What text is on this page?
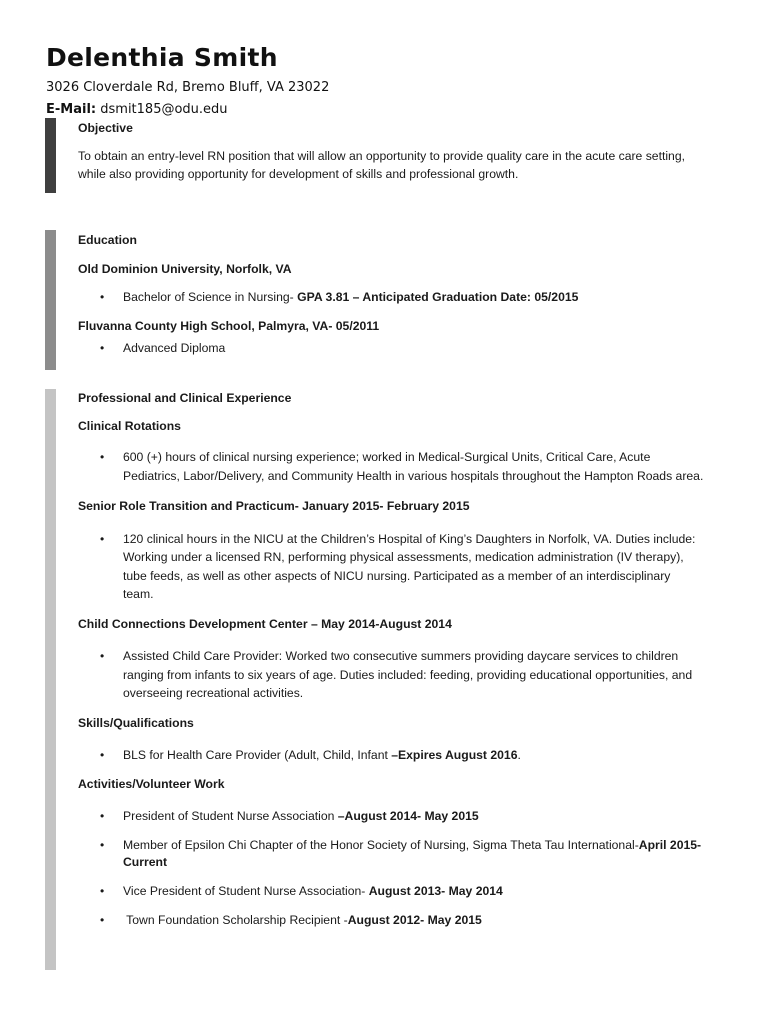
Delenthia Smith
3026 Cloverdale Rd, Bremo Bluff, VA 23022
E-Mail: dsmit185@odu.edu
Objective
To obtain an entry-level RN position that will allow an opportunity to provide quality care in the acute care setting,
while also providing opportunity for development of skills and professional growth.
Education
Old Dominion University, Norfolk, VA
• Bachelor of Science in Nursing- GPA 3.81 – Anticipated Graduation Date: 05/2015
Fluvanna County High School, Palmyra, VA- 05/2011
• Advanced Diploma
Professional and Clinical Experience
Clinical Rotations
• 600 (+) hours of clinical nursing experience; worked in Medical-Surgical Units, Critical Care, Acute
Pediatrics, Labor/Delivery, and Community Health in various hospitals throughout the Hampton Roads area.
Senior Role Transition and Practicum- January 2015- February 2015
• 120 clinical hours in the NICU at the Children’s Hospital of King’s Daughters in Norfolk, VA. Duties include:
Working under a licensed RN, performing physical assessments, medication administration (IV therapy),
tube feeds, as well as other aspects of NICU nursing. Participated as a member of an interdisciplinary
team.
Child Connections Development Center – May 2014-August 2014
• Assisted Child Care Provider: Worked two consecutive summers providing daycare services to children
ranging from infants to six years of age. Duties included: feeding, providing educational opportunities, and
overseeing recreational activities.
Skills/Qualifications
• BLS for Health Care Provider (Adult, Child, Infant –Expires August 2016.
Activities/Volunteer Work
• President of Student Nurse Association –August 2014- May 2015
• Member of Epsilon Chi Chapter of the Honor Society of Nursing, Sigma Theta Tau International-April 2015-
Current
• Vice President of Student Nurse Association- August 2013- May 2014
• Town Foundation Scholarship Recipient -August 2012- May 2015
